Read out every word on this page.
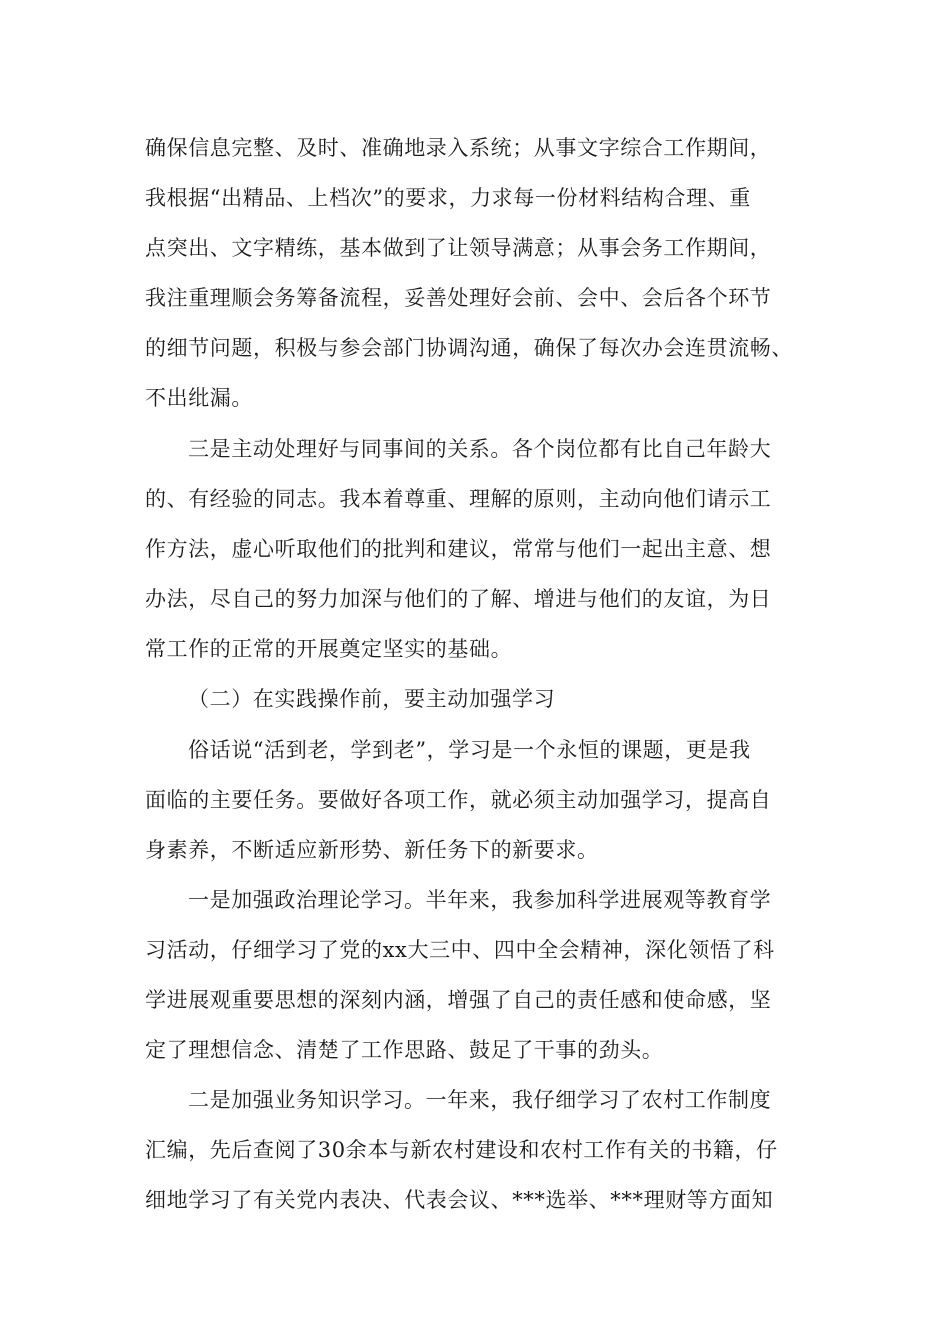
确保信息完整、及时、准确地录入系统；从事文字综合工作期间，
我根据“出精品、上档次”的要求，力求每一份材料结构合理、重
点突出、文字精练，基本做到了让领导满意；从事会务工作期间，
我注重理顺会务筹备流程，妥善处理好会前、会中、会后各个环节
的细节问题，积极与参会部门协调沟通，确保了每次办会连贯流畅、
不出纰漏。
三是主动处理好与同事间的关系。各个岗位都有比自己年龄大
的、有经验的同志。我本着尊重、理解的原则，主动向他们请示工
作方法，虚心听取他们的批判和建议，常常与他们一起出主意、想
办法，尽自己的努力加深与他们的了解、增进与他们的友谊，为日
常工作的正常的开展奠定坚实的基础。
（二）在实践操作前，要主动加强学习
俗话说“活到老，学到老”，学习是一个永恒的课题，更是我
面临的主要任务。要做好各项工作，就必须主动加强学习，提高自
身素养，不断适应新形势、新任务下的新要求。
一是加强政治理论学习。半年来，我参加科学进展观等教育学
习活动，仔细学习了党的xx大三中、四中全会精神，深化领悟了科
学进展观重要思想的深刻内涵，增强了自己的责任感和使命感，坚
定了理想信念、清楚了工作思路、鼓足了干事的劲头。
二是加强业务知识学习。一年来，我仔细学习了农村工作制度
汇编，先后查阅了30余本与新农村建设和农村工作有关的书籍，仔
细地学习了有关党内表决、代表会议、***选举、***理财等方面知
